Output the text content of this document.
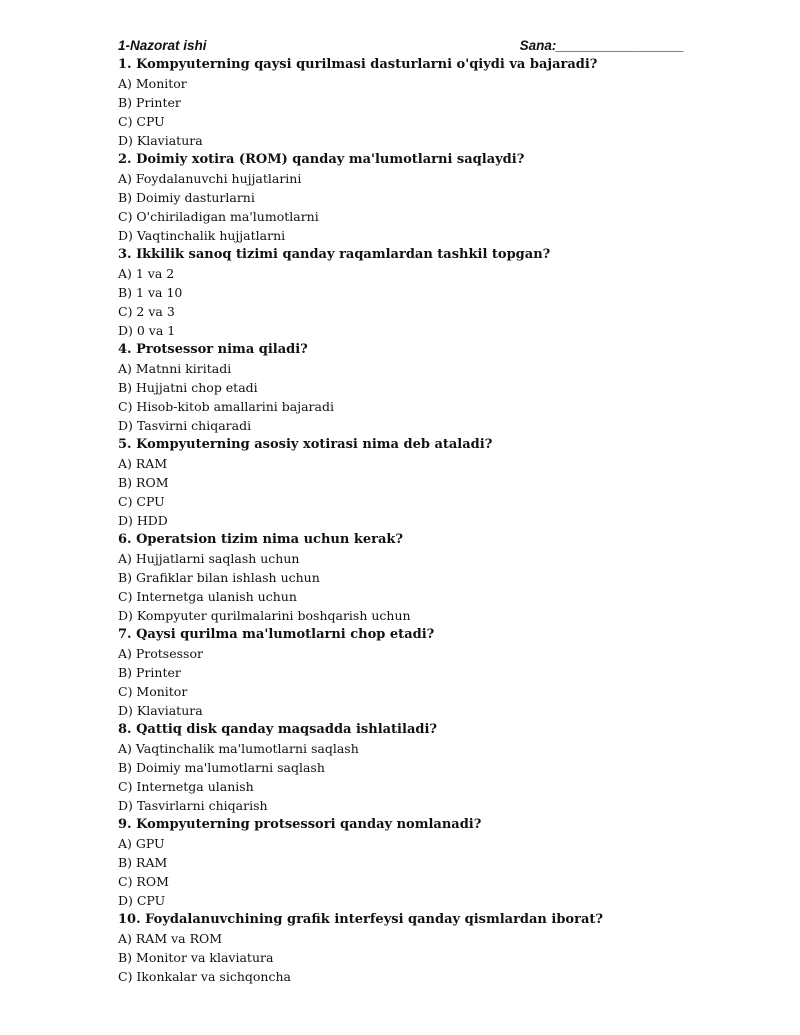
1-Nazorat ishi	Sana:_________________
1. Kompyuterning qaysi qurilmasi dasturlarni o'qiydi va bajaradi?
A) Monitor
B) Printer
C) CPU
D) Klaviatura
2. Doimiy xotira (ROM) qanday ma'lumotlarni saqlaydi?
A) Foydalanuvchi hujjatlarini
B) Doimiy dasturlarni
C) O'chiriladigan ma'lumotlarni
D) Vaqtinchalik hujjatlarni
3. Ikkilik sanoq tizimi qanday raqamlardan tashkil topgan?
A) 1 va 2
B) 1 va 10
C) 2 va 3
D) 0 va 1
4. Protsessor nima qiladi?
A) Matnni kiritadi
B) Hujjatni chop etadi
C) Hisob-kitob amallarini bajaradi
D) Tasvirni chiqaradi
5. Kompyuterning asosiy xotirasi nima deb ataladi?
A) RAM
B) ROM
C) CPU
D) HDD
6. Operatsion tizim nima uchun kerak?
A) Hujjatlarni saqlash uchun
B) Grafiklar bilan ishlash uchun
C) Internetga ulanish uchun
D) Kompyuter qurilmalarini boshqarish uchun
7. Qaysi qurilma ma'lumotlarni chop etadi?
A) Protsessor
B) Printer
C) Monitor
D) Klaviatura
8. Qattiq disk qanday maqsadda ishlatiladi?
A) Vaqtinchalik ma'lumotlarni saqlash
B) Doimiy ma'lumotlarni saqlash
C) Internetga ulanish
D) Tasvirlarni chiqarish
9. Kompyuterning protsessori qanday nomlanadi?
A) GPU
B) RAM
C) ROM
D) CPU
10. Foydalanuvchining grafik interfeysi qanday qismlardan iborat?
A) RAM va ROM
B) Monitor va klaviatura
C) Ikonkalar va sichqoncha
